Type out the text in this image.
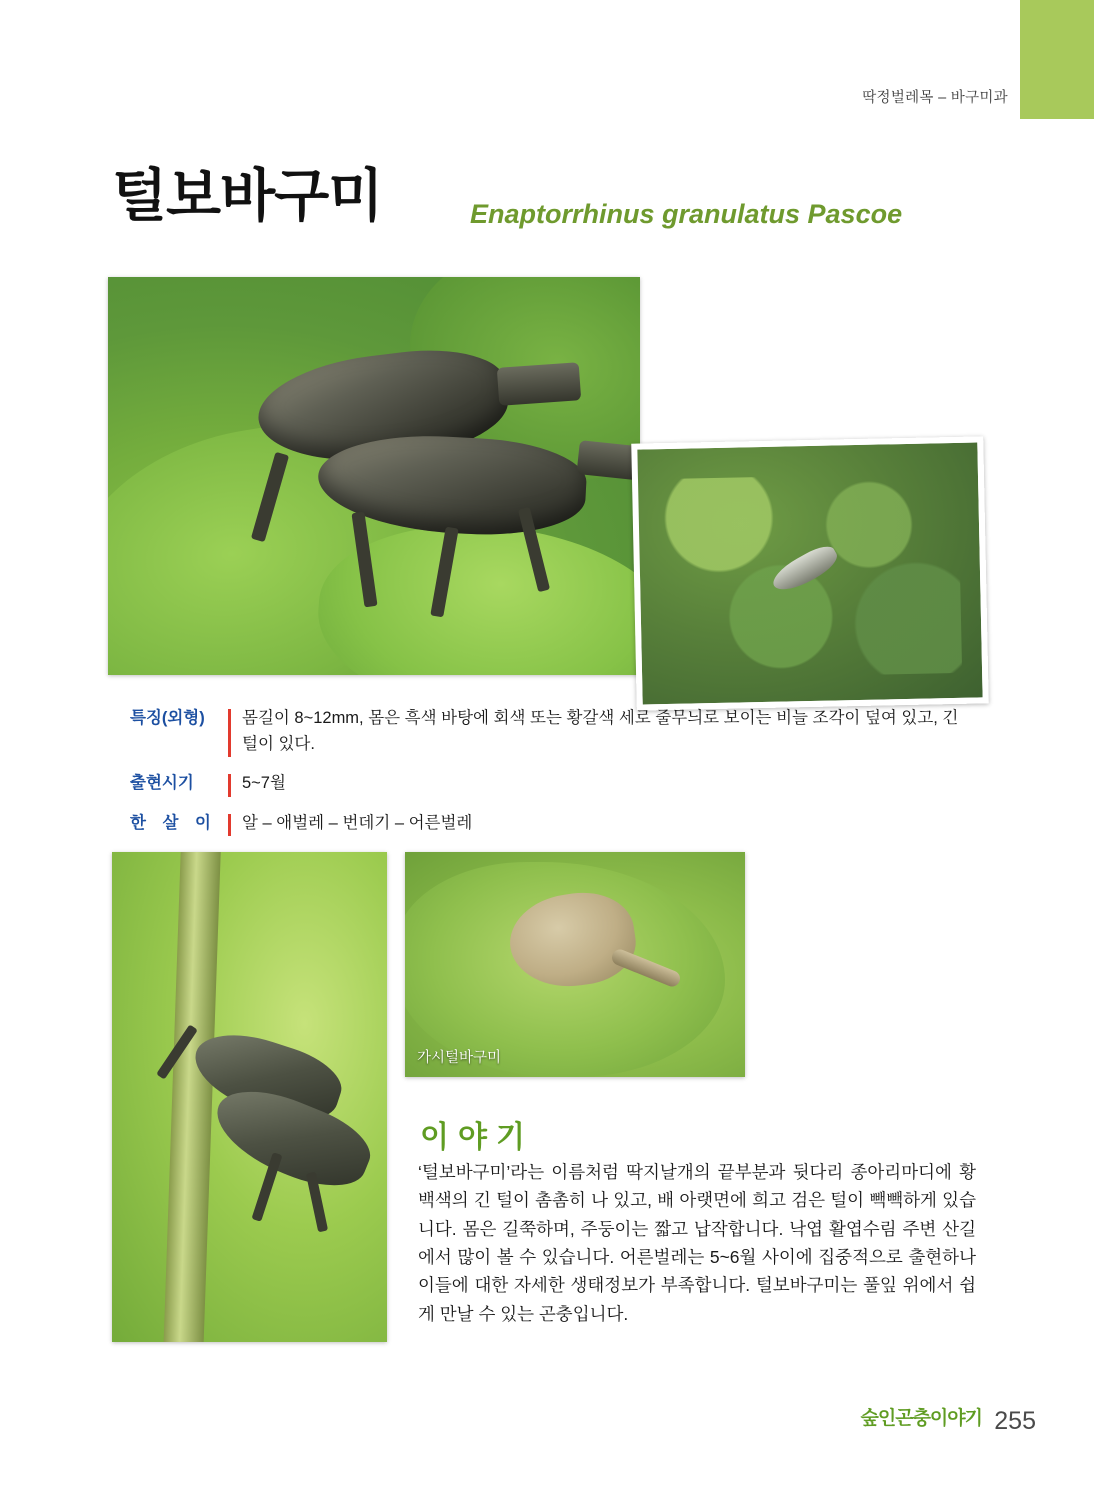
딱정벌레목 – 바구미과
털보바구미	Enaptorrhinus granulatus Pascoe
특징(외형)	몸길이 8~12mm, 몸은 흑색 바탕에 회색 또는 황갈색 세로 줄무늬로 보이는 비늘 조각이 덮여 있고, 긴 털이 있다.
출현시기	5~7월
한 살 이	알 – 애벌레 – 번데기 – 어른벌레
가시털바구미
이야기
‘털보바구미’라는 이름처럼 딱지날개의 끝부분과 뒷다리 종아리마디에 황백색의 긴 털이 촘촘히 나 있고, 배 아랫면에 희고 검은 털이 빽빽하게 있습니다. 몸은 길쭉하며, 주둥이는 짧고 납작합니다. 낙엽 활엽수림 주변 산길에서 많이 볼 수 있습니다. 어른벌레는 5~6월 사이에 집중적으로 출현하나 이들에 대한 자세한 생태정보가 부족합니다. 털보바구미는 풀잎 위에서 쉽게 만날 수 있는 곤충입니다.
숲인곤충이야기 255
